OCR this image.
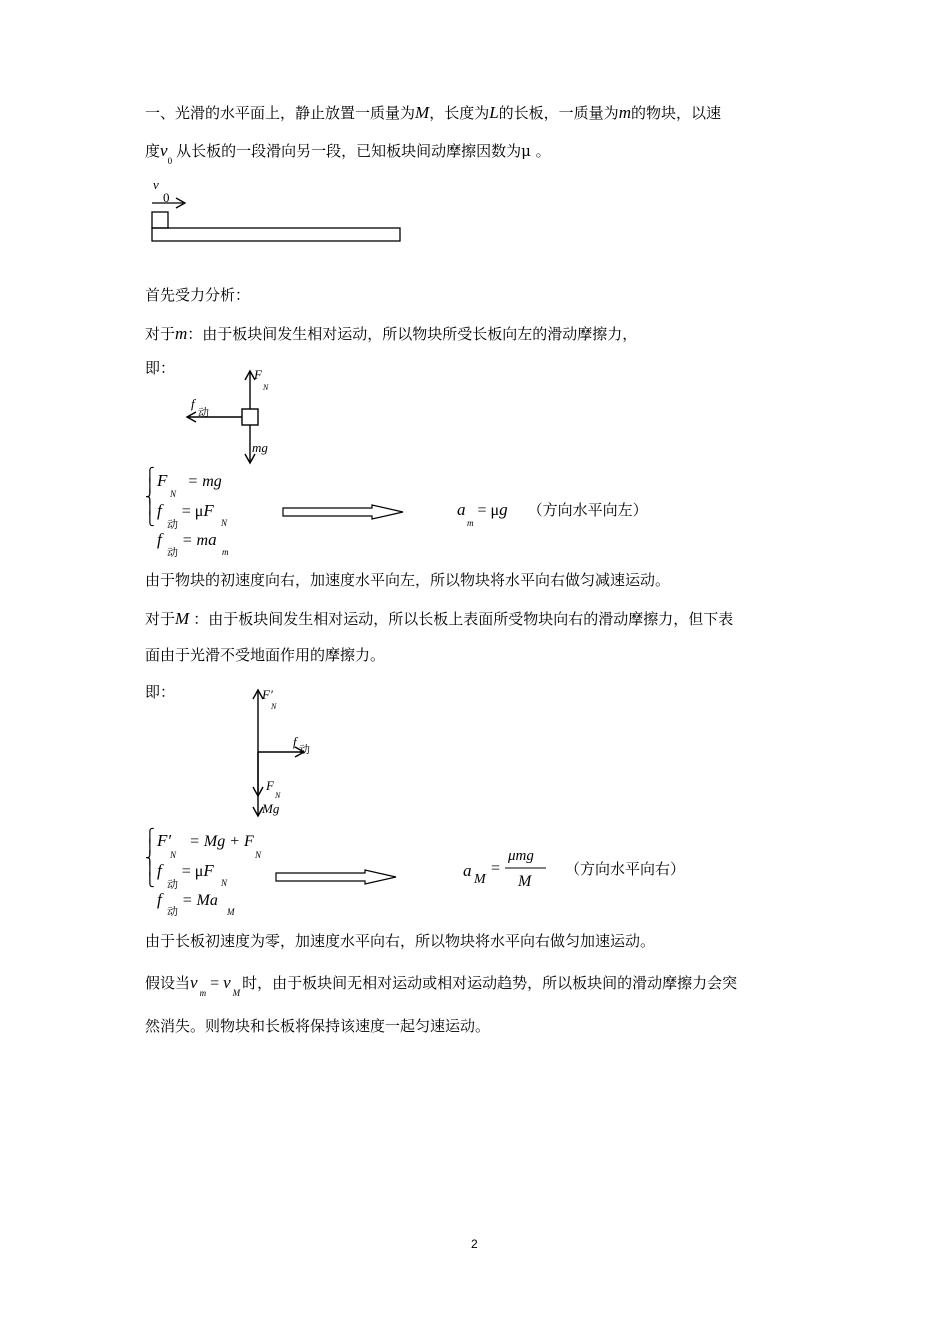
一、光滑的水平面上，静止放置一质量为M，长度为L的长板，一质量为m的物块，以速
度$v_0$从长板的一段滑向另一段，已知板块间动摩擦因数为μ 。
v
0
首先受力分析：
对于m：由于板块间发生相对运动，所以物块所受长板向左的滑动摩擦力，
即：	F
N
f
动
mg
⎧
⎪
⎨
⎪
⎩

F = mg
N
f = μF
动	N
f = ma
动	m
a = μg （方向水平向左）
m
由于物块的初速度向右，加速度水平向左，所以物块将水平向右做匀减速运动。
对于M ：由于板块间发生相对运动，所以长板上表面所受物块向右的滑动摩擦力，但下表
面由于光滑不受地面作用的摩擦力。
即：	F′
N
f
动
F
N
Mg
⎧
⎪
⎨
⎪
⎩

F′ = Mg + F
N	N
f = μF
动	N
f = Ma
动	M
a M
=
μmg
M
（方向水平向右）
由于长板初速度为零，加速度水平向右，所以物块将水平向右做匀加速运动。
假设当$v_m= v_M$时，由于板块间无相对运动或相对运动趋势，所以板块间的滑动摩擦力会突
然消失。则物块和长板将保持该速度一起匀速运动。
2
